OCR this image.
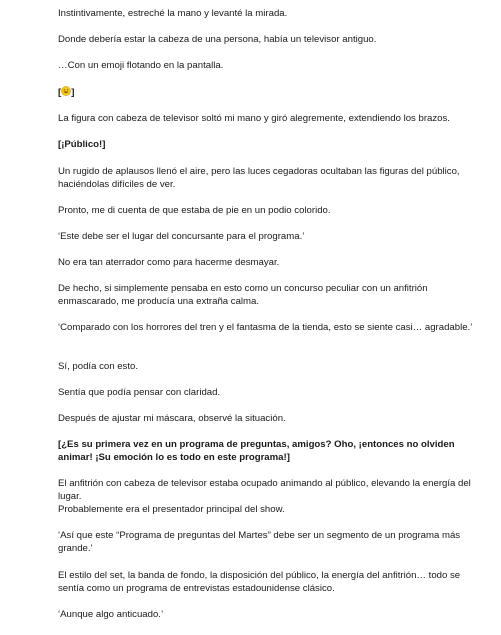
Instintivamente, estreché la mano y levanté la mirada.

Donde debería estar la cabeza de una persona, había un televisor antiguo.

…Con un emoji flotando en la pantalla.

[ ]

La figura con cabeza de televisor soltó mi mano y giró alegremente, extendiendo los brazos.

[¡Público!]

Un rugido de aplausos llenó el aire, pero las luces cegadoras ocultaban las figuras del público, haciéndolas difíciles de ver.

Pronto, me di cuenta de que estaba de pie en un podio colorido.

‘Este debe ser el lugar del concursante para el programa.’

No era tan aterrador como para hacerme desmayar.

De hecho, si simplemente pensaba en esto como un concurso peculiar con un anfitrión enmascarado, me producía una extraña calma.

‘Comparado con los horrores del tren y el fantasma de la tienda, esto se siente casi… agradable.’

Sí, podía con esto.

Sentía que podía pensar con claridad.

Después de ajustar mi máscara, observé la situación.

[¿Es su primera vez en un programa de preguntas, amigos? Oho, ¡entonces no olviden animar! ¡Su emoción lo es todo en este programa!]

El anfitrión con cabeza de televisor estaba ocupado animando al público, elevando la energía del lugar.

Probablemente era el presentador principal del show.

‘Así que este “Programa de preguntas del Martes” debe ser un segmento de un programa más grande.’

El estilo del set, la banda de fondo, la disposición del público, la energía del anfitrión… todo se sentía como un programa de entrevistas estadounidense clásico.

‘Aunque algo anticuado.’
